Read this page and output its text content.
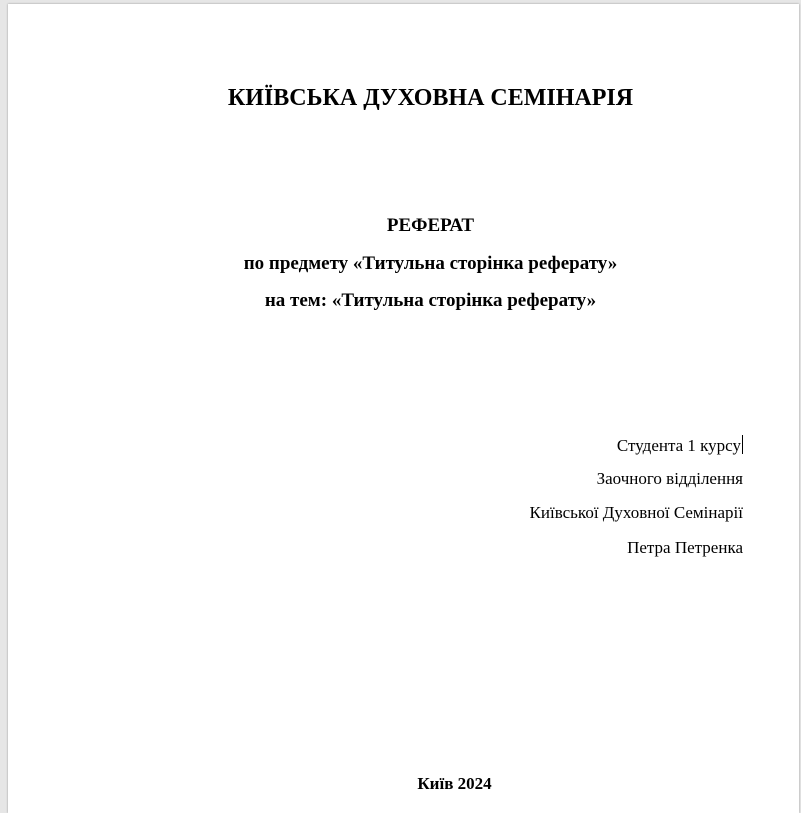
КИЇВСЬКА ДУХОВНА СЕМІНАРІЯ
РЕФЕРАТ
по предмету «Титульна сторінка реферату»
на тем: «Титульна сторінка реферату»
Студента 1 курсу
Заочного відділення
Київської Духовної Семінарії
Петра Петренка
Київ 2024
